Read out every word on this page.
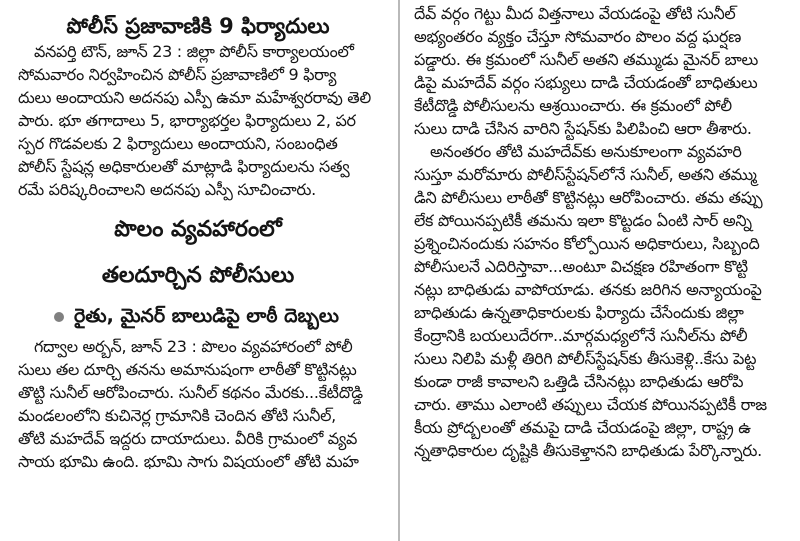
పోలీస్ ప్రజావాణికి 9 ఫిర్యాదులు

వనపర్తి టౌన్, జూన్ 23 : జిల్లా పోలీస్ కార్యాలయంలో

సోమవారం నిర్వహించిన పోలీస్ ప్రజావాణిలో 9 ఫిర్యా

దులు అందాయని అదనపు ఎస్పీ ఉమా మహేశ్వరరావు తెలి

పారు. భూ తగాదాలు 5, భార్యాభర్తల ఫిర్యాదులు 2, పర

స్పర గొడవలకు 2 ఫిర్యాదులు అందాయని, సంబంధిత

పోలీస్ స్టేషన్ల అధికారులతో మాట్లాడి ఫిర్యాదులను సత్వ

రమే పరిష్కరించాలని అదనపు ఎస్పీ సూచించారు.

పొలం వ్యవహారంలో
తలదూర్చిన పోలీసులు
రైతు, మైనర్ బాలుడిపై లాఠీ దెబ్బలు

గద్వాల అర్బన్, జూన్ 23 : పొలం వ్యవహారంలో పోలీ

సులు తల దూర్చి తనను అమానుషంగా లాఠీతో కొట్టినట్లు

తొట్టి సునీల్ ఆరోపించారు. సునీల్ కథనం మేరకు...కేటీదొడ్డి

మండలంలోని కుచినెర్ల గ్రామానికి చెందిన తోటి సునీల్,

తోటి మహదేవ్ ఇద్దరు దాయాదులు. వీరికి గ్రామంలో వ్యవ

సాయ భూమి ఉంది. భూమి సాగు విషయంలో తోటి మహ

దేవ్ వర్గం గెట్టు మీద విత్తనాలు వేయడంపై తోటి సునీల్

అభ్యంతరం వ్యక్తం చేస్తూ సోమవారం పొలం వద్ద ఘర్షణ

పడ్డారు. ఈ క్రమంలో సునీల్ అతని తమ్ముడు మైనర్ బాలు

డిపై మహదేవ్ వర్గం సభ్యులు దాడి చేయడంతో బాధితులు

కేటీదొడ్డి పోలీసులను ఆశ్రయించారు. ఈ క్రమంలో పోలీ

సులు దాడి చేసిన వారిని స్టేషన్‌కు పిలిపించి ఆరా తీశారు.

అనంతరం తోటి మహదేవ్‌కు అనుకూలంగా వ్యవహరి

సుస్తూ మరోమారు పోలీస్‌స్టేషన్‌లోనే సునీల్, అతని తమ్ము

డిని పోలీసులు లాఠీతో కొట్టినట్లు ఆరోపించారు. తమ తప్పు

లేక పోయినప్పటికీ తమను ఇలా కొట్టడం ఏంటి సార్ అన్ని

ప్రశ్నించినందుకు సహనం కోల్పోయిన అధికారులు, సిబ్బంది

పోలీసులనే ఎదిరిస్తావా...అంటూ విచక్షణ రహితంగా కొట్టి

నట్లు బాధితుడు వాపోయాడు. తనకు జరిగిన అన్యాయంపై

బాధితుడు ఉన్నతాధికారులకు ఫిర్యాదు చేసేందుకు జిల్లా

కేంద్రానికి బయలుదేరగా..మార్గమధ్యలోనే సునీల్‌ను పోలీ

సులు నిలిపి మళ్లీ తిరిగి పోలీస్‌స్టేషన్‌కు తీసుకెళ్లి..కేసు పెట్ట

కుండా రాజీ కావాలని ఒత్తిడి చేసినట్లు బాధితుడు ఆరోపి

చారు. తాము ఎలాంటి తప్పులు చేయక పోయినప్పటికీ రాజ

కీయ ప్రోద్బలంతో తమపై దాడి చేయడంపై జిల్లా, రాష్ట్ర ఉ

న్నతాధికారుల దృష్టికి తీసుకెళ్తానని బాధితుడు పేర్కొన్నారు.
